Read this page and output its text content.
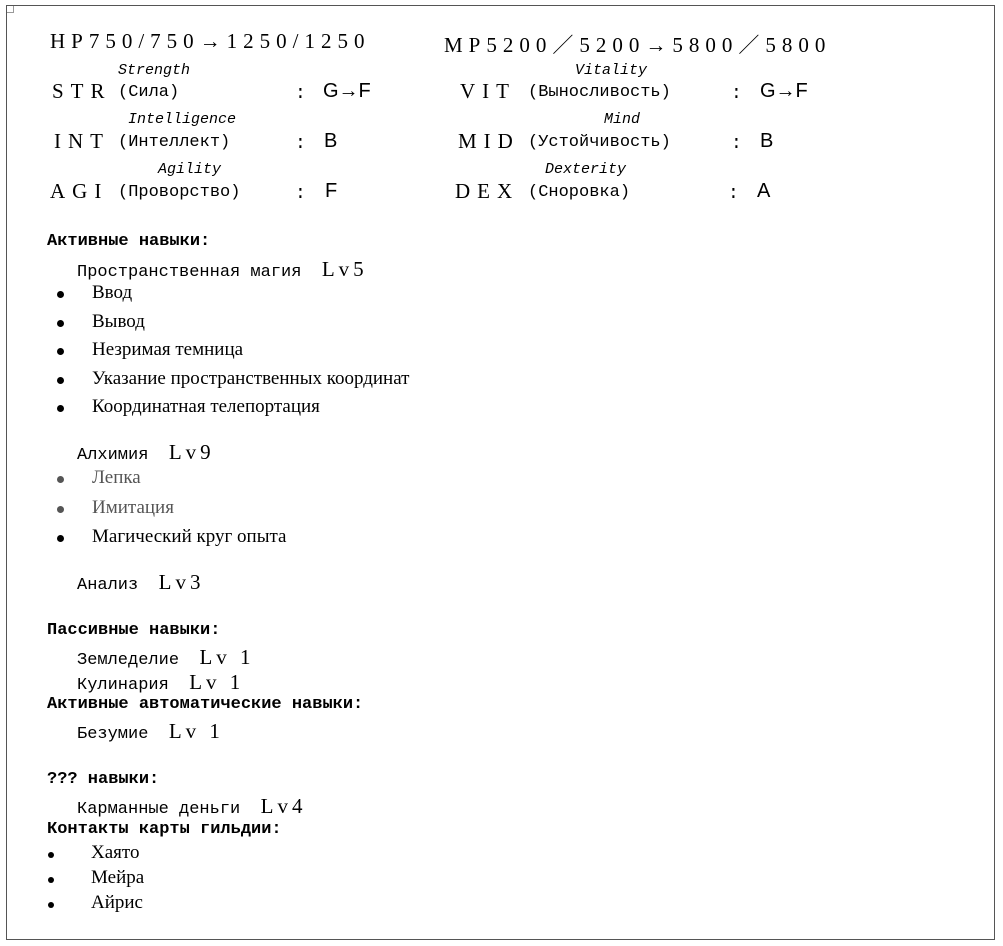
HP750/750→1250/1250	MP5200／5200→5800／5800
Strength
STR (Сила)	: G→F
Vitality
VIT (Выносливость)	: G→F
Intelligence
INT (Интеллект)	: B
Mind
MID (Устойчивость)	: B
Agility
AGI (Проворство)	: F
Dexterity
DEX (Сноровка)	: A
Активные навыки:
Пространственная магия Lv5
Ввод
Вывод
Незримая темница
Указание пространственных координат
Координатная телепортация
Алхимия Lv9
Лепка
Имитация
Магический круг опыта
Анализ Lv3
Пассивные навыки:
Земледелие Lv 1
Кулинария Lv 1
Активные автоматические навыки:
Безумие Lv 1
??? навыки:
Карманные деньги Lv4
Контакты карты гильдии:
Хаято
Мейра
Айрис
